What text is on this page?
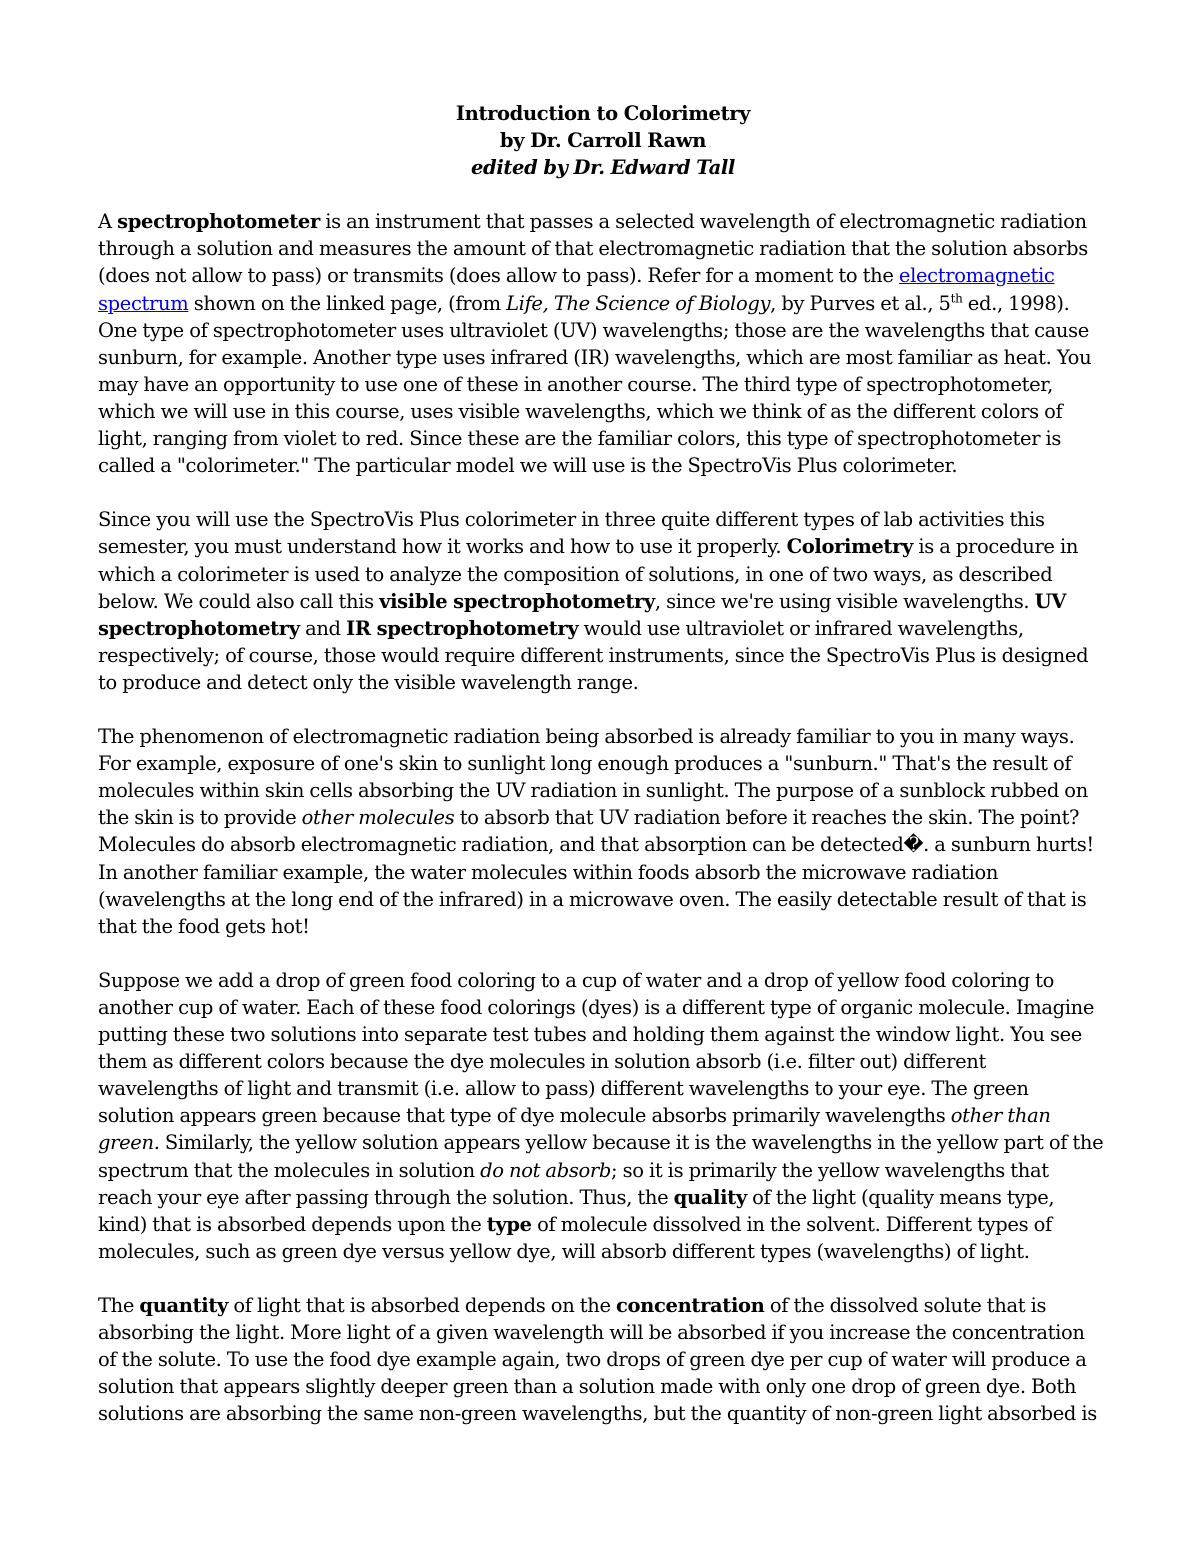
Introduction to Colorimetry
by Dr. Carroll Rawn
edited by Dr. Edward Tall

A spectrophotometer is an instrument that passes a selected wavelength of electromagnetic radiation through a solution and measures the amount of that electromagnetic radiation that the solution absorbs (does not allow to pass) or transmits (does allow to pass). Refer for a moment to the electromagnetic spectrum shown on the linked page, (from Life, The Science of Biology, by Purves et al., 5th ed., 1998). One type of spectrophotometer uses ultraviolet (UV) wavelengths; those are the wavelengths that cause sunburn, for example. Another type uses infrared (IR) wavelengths, which are most familiar as heat. You may have an opportunity to use one of these in another course. The third type of spectrophotometer, which we will use in this course, uses visible wavelengths, which we think of as the different colors of light, ranging from violet to red. Since these are the familiar colors, this type of spectrophotometer is called a "colorimeter." The particular model we will use is the SpectroVis Plus colorimeter.

Since you will use the SpectroVis Plus colorimeter in three quite different types of lab activities this semester, you must understand how it works and how to use it properly. Colorimetry is a procedure in which a colorimeter is used to analyze the composition of solutions, in one of two ways, as described below. We could also call this visible spectrophotometry, since we're using visible wavelengths. UV spectrophotometry and IR spectrophotometry would use ultraviolet or infrared wavelengths, respectively; of course, those would require different instruments, since the SpectroVis Plus is designed to produce and detect only the visible wavelength range.

The phenomenon of electromagnetic radiation being absorbed is already familiar to you in many ways. For example, exposure of one's skin to sunlight long enough produces a "sunburn." That's the result of molecules within skin cells absorbing the UV radiation in sunlight. The purpose of a sunblock rubbed on the skin is to provide other molecules to absorb that UV radiation before it reaches the skin. The point? Molecules do absorb electromagnetic radiation, and that absorption can be detected�. a sunburn hurts! In another familiar example, the water molecules within foods absorb the microwave radiation (wavelengths at the long end of the infrared) in a microwave oven. The easily detectable result of that is that the food gets hot!

Suppose we add a drop of green food coloring to a cup of water and a drop of yellow food coloring to another cup of water. Each of these food colorings (dyes) is a different type of organic molecule. Imagine putting these two solutions into separate test tubes and holding them against the window light. You see them as different colors because the dye molecules in solution absorb (i.e. filter out) different wavelengths of light and transmit (i.e. allow to pass) different wavelengths to your eye. The green solution appears green because that type of dye molecule absorbs primarily wavelengths other than green. Similarly, the yellow solution appears yellow because it is the wavelengths in the yellow part of the spectrum that the molecules in solution do not absorb; so it is primarily the yellow wavelengths that reach your eye after passing through the solution. Thus, the quality of the light (quality means type, kind) that is absorbed depends upon the type of molecule dissolved in the solvent. Different types of molecules, such as green dye versus yellow dye, will absorb different types (wavelengths) of light.

The quantity of light that is absorbed depends on the concentration of the dissolved solute that is absorbing the light. More light of a given wavelength will be absorbed if you increase the concentration of the solute. To use the food dye example again, two drops of green dye per cup of water will produce a solution that appears slightly deeper green than a solution made with only one drop of green dye. Both solutions are absorbing the same non-green wavelengths, but the quantity of non-green light absorbed is
